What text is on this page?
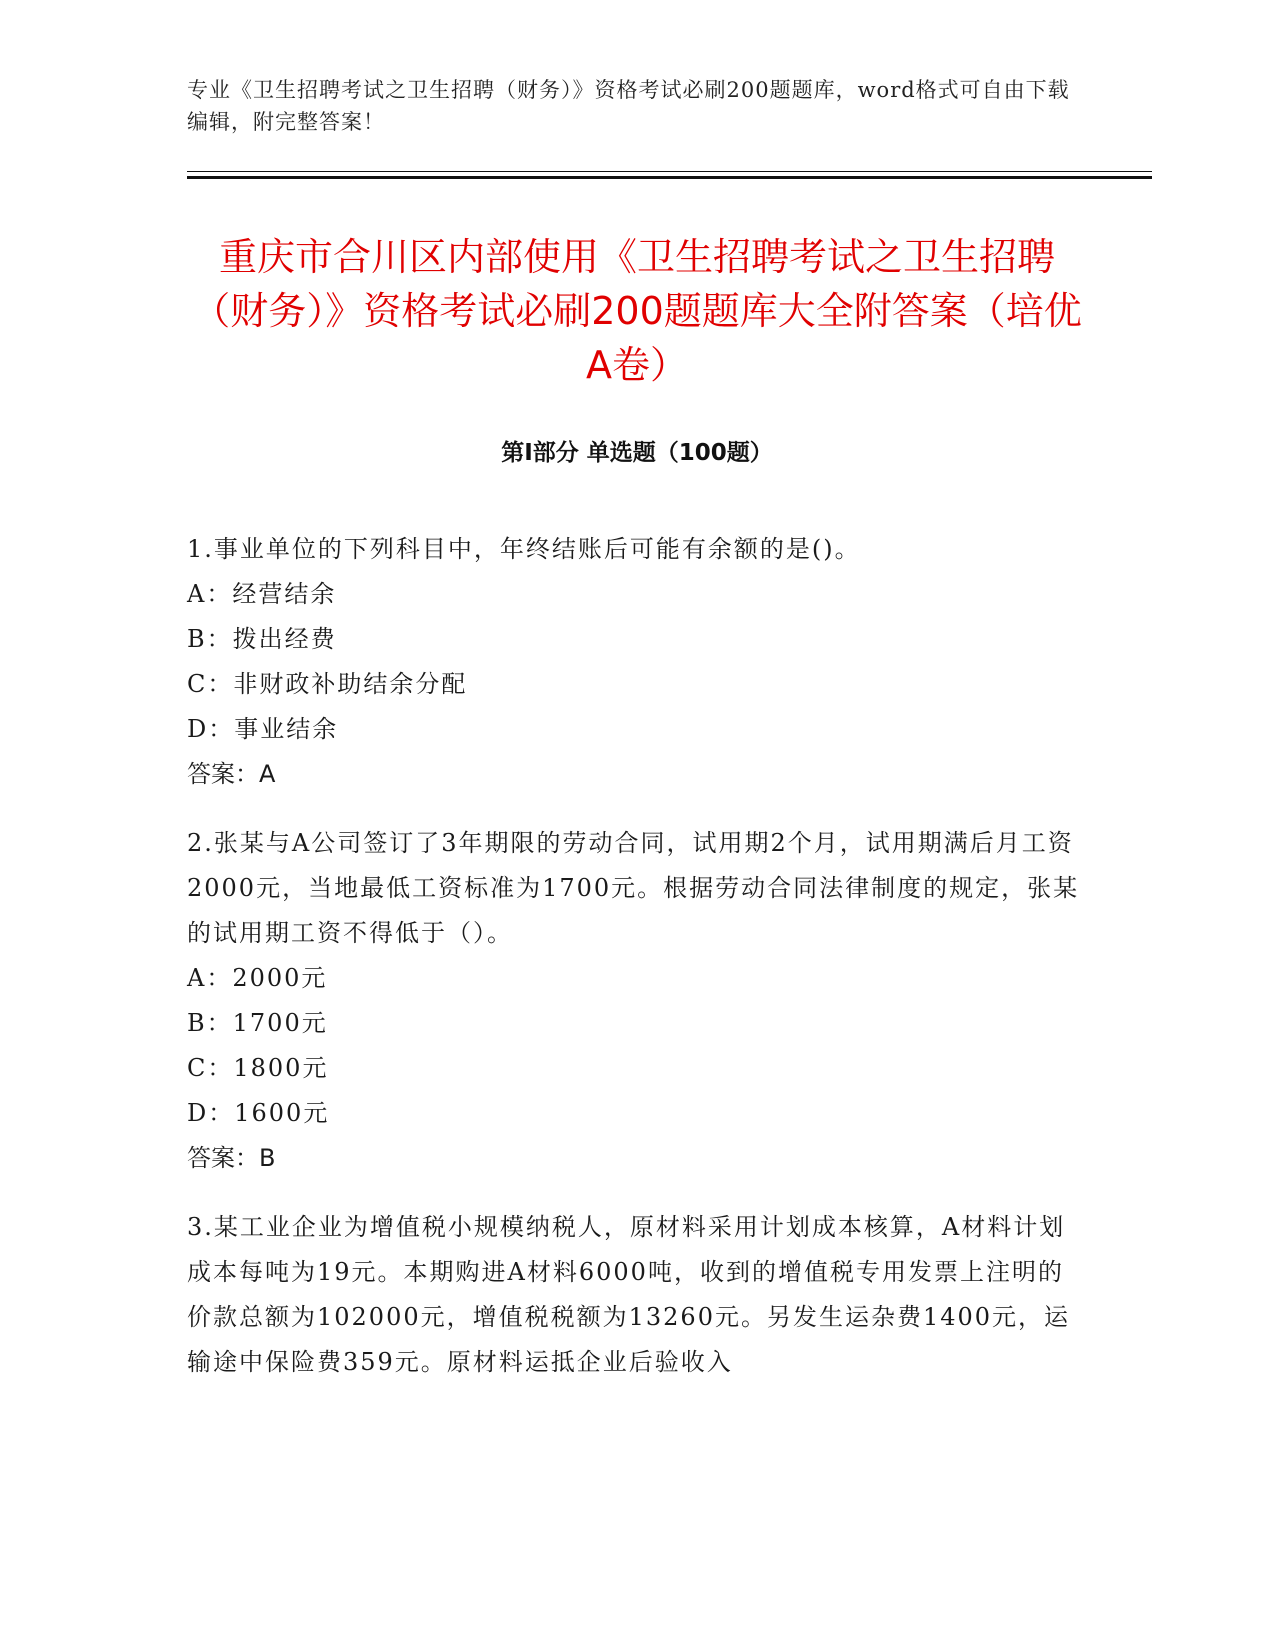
专业《卫生招聘考试之卫生招聘（财务）》资格考试必刷200题题库，word格式可自由下载编辑，附完整答案！
重庆市合川区内部使用《卫生招聘考试之卫生招聘（财务）》资格考试必刷200题题库大全附答案（培优A卷）
第I部分 单选题（100题）

1.事业单位的下列科目中，年终结账后可能有余额的是()。

A：经营结余

B：拨出经费

C：非财政补助结余分配

D：事业结余

答案：A

2.张某与A公司签订了3年期限的劳动合同，试用期2个月，试用期满后月工资2000元，当地最低工资标准为1700元。根据劳动合同法律制度的规定，张某的试用期工资不得低于（）。

A：2000元

B：1700元

C：1800元

D：1600元

答案：B

3.某工业企业为增值税小规模纳税人，原材料采用计划成本核算，A材料计划成本每吨为19元。本期购进A材料6000吨，收到的增值税专用发票上注明的价款总额为102000元，增值税税额为13260元。另发生运杂费1400元，运输途中保险费359元。原材料运抵企业后验收入
